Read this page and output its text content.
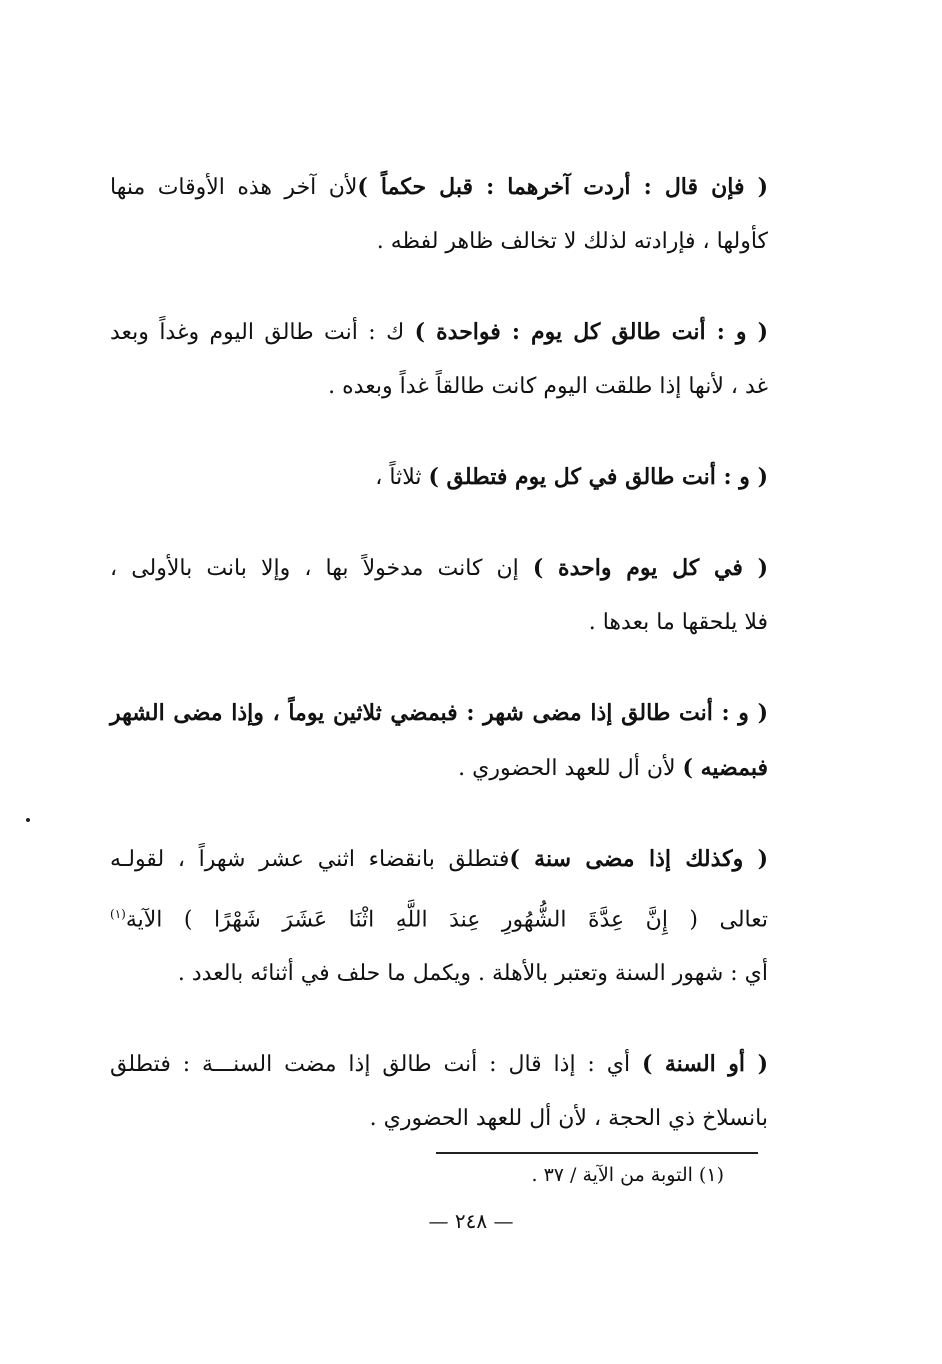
( فإن قال : أردت آخرهما : قبل حكماً )لأن آخر هذه الأوقات منها
كأولها ، فإرادته لذلك لا تخالف ظاهر لفظه .
( و : أنت طالق كل يوم : فواحدة ) ك : أنت طالق اليوم وغداً وبعد
غد ، لأنها إذا طلقت اليوم كانت طالقاً غداً وبعده .
( و : أنت طالق في كل يوم فتطلق ) ثلاثاً ،
( في كل يوم واحدة ) إن كانت مدخولاً بها ، وإلا بانت بالأولى ،
فلا يلحقها ما بعدها .
( و : أنت طالق إذا مضى شهر : فبمضي ثلاثين يوماً ، وإذا مضى الشهر
فبمضيه ) لأن أل للعهد الحضوري .
( وكذلك إذا مضى سنة )فتطلق بانقضاء اثني عشر شهراً ، لقولـه
تعالى ( إِنَّ عِدَّةَ الشُّهُورِ عِندَ اللَّهِ اثْنَا عَشَرَ شَهْرًا ) الآية$^{(١)}$
أي : شهور السنة وتعتبر بالأهلة . ويكمل ما حلف في أثنائه بالعدد .
( أو السنة ) أي : إذا قال : أنت طالق إذا مضت السنـــة : فتطلق
بانسلاخ ذي الحجة ، لأن أل للعهد الحضوري .
(١) التوبة من الآية / ٣٧ .
— ٢٤٨ —
